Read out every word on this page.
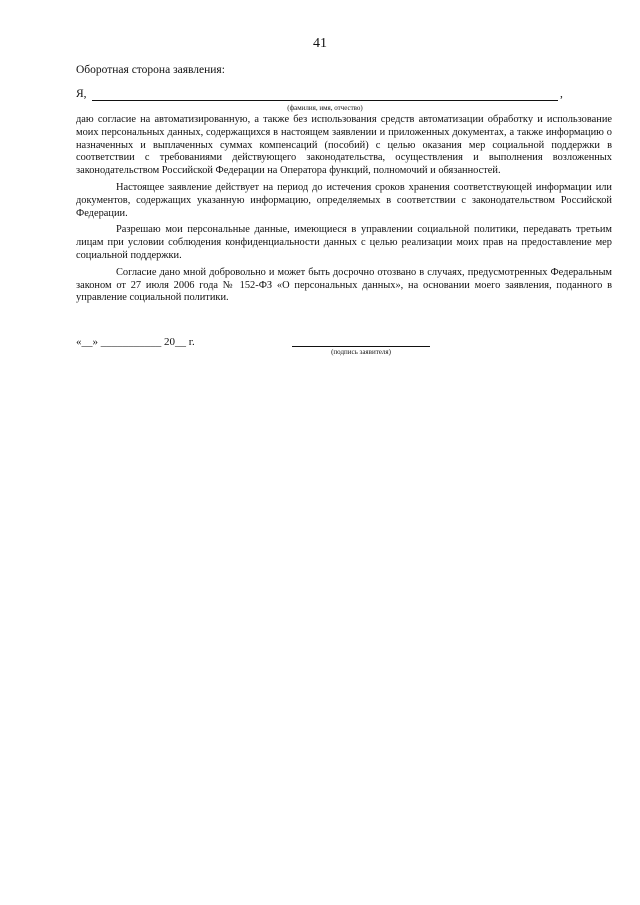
41
Оборотная сторона заявления:
Я,	,
(фамилия, имя, отчество)

даю согласие на автоматизированную, а также без использования средств автоматизации обработку и использование моих персональных данных, содержащихся в настоящем заявлении и приложенных документах, а также информацию о назначенных и выплаченных суммах компенсаций (пособий) с целью оказания мер социальной поддержки в соответствии с требованиями действующего законодательства, осуществления и выполнения возложенных законодательством Российской Федерации на Оператора функций, полномочий и обязанностей.

Настоящее заявление действует на период до истечения сроков хранения соответствующей информации или документов, содержащих указанную информацию, определяемых в соответствии с законодательством Российской Федерации.

Разрешаю мои персональные данные, имеющиеся в управлении социальной политики, передавать третьим лицам при условии соблюдения конфиденциальности данных с целью реализации моих прав на предоставление мер социальной поддержки.

Согласие дано мной добровольно и может быть досрочно отозвано в случаях, предусмотренных Федеральным законом от 27 июля 2006 года № 152-ФЗ «О персональных данных», на основании моего заявления, поданного в управление социальной политики.

«__» ___________ 20__ г.
(подпись заявителя)
